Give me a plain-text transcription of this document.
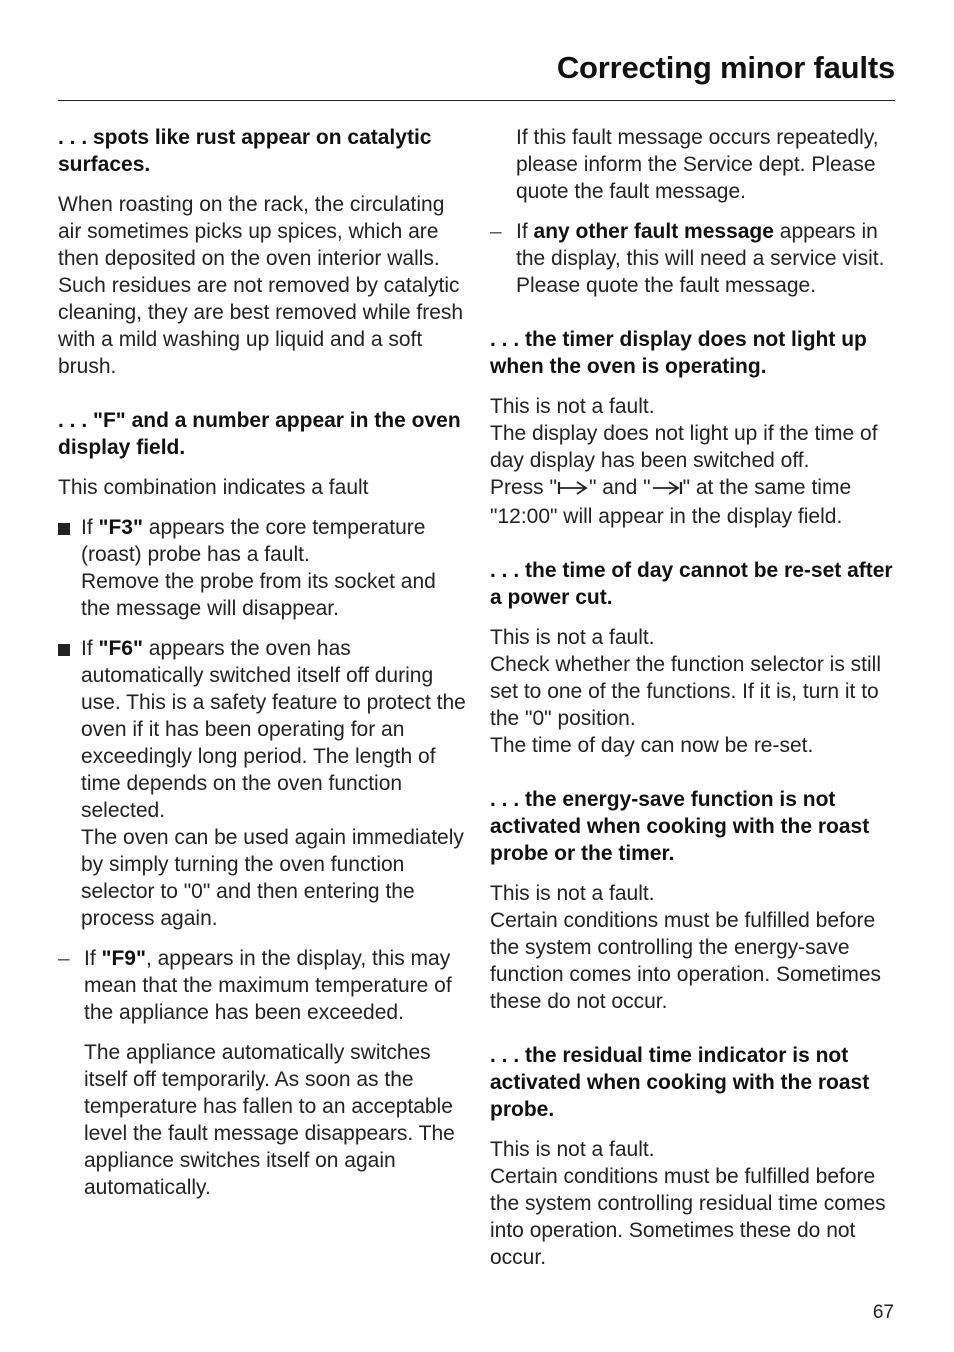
Correcting minor faults

. . . spots like rust appear on catalytic surfaces.

When roasting on the rack, the circulating air sometimes picks up spices, which are then deposited on the oven interior walls. Such residues are not removed by catalytic cleaning, they are best removed while fresh with a mild washing up liquid and a soft brush.

. . . "F" and a number appear in the oven display field.

This combination indicates a fault

If "F3" appears the core temperature (roast) probe has a fault.
Remove the probe from its socket and the message will disappear.

If "F6" appears the oven has automatically switched itself off during use. This is a safety feature to protect the oven if it has been operating for an exceedingly long period. The length of time depends on the oven function selected.
The oven can be used again immediately by simply turning the oven function selector to "0" and then entering the process again.

– If "F9", appears in the display, this may mean that the maximum temperature of the appliance has been exceeded.

The appliance automatically switches itself off temporarily. As soon as the temperature has fallen to an acceptable level the fault message disappears. The appliance switches itself on again automatically.

If this fault message occurs repeatedly, please inform the Service dept. Please quote the fault message.

– If any other fault message appears in the display, this will need a service visit. Please quote the fault message.

. . . the timer display does not light up when the oven is operating.

This is not a fault.
The display does not light up if the time of day display has been switched off.
Press " " and " " at the same time "12:00" will appear in the display field.

. . . the time of day cannot be re-set after a power cut.

This is not a fault.
Check whether the function selector is still set to one of the functions. If it is, turn it to the "0" position.
The time of day can now be re-set.

. . . the energy-save function is not activated when cooking with the roast probe or the timer.

This is not a fault.
Certain conditions must be fulfilled before the system controlling the energy-save function comes into operation. Sometimes these do not occur.

. . . the residual time indicator is not activated when cooking with the roast probe.

This is not a fault.
Certain conditions must be fulfilled before the system controlling residual time comes into operation. Sometimes these do not occur.

67
